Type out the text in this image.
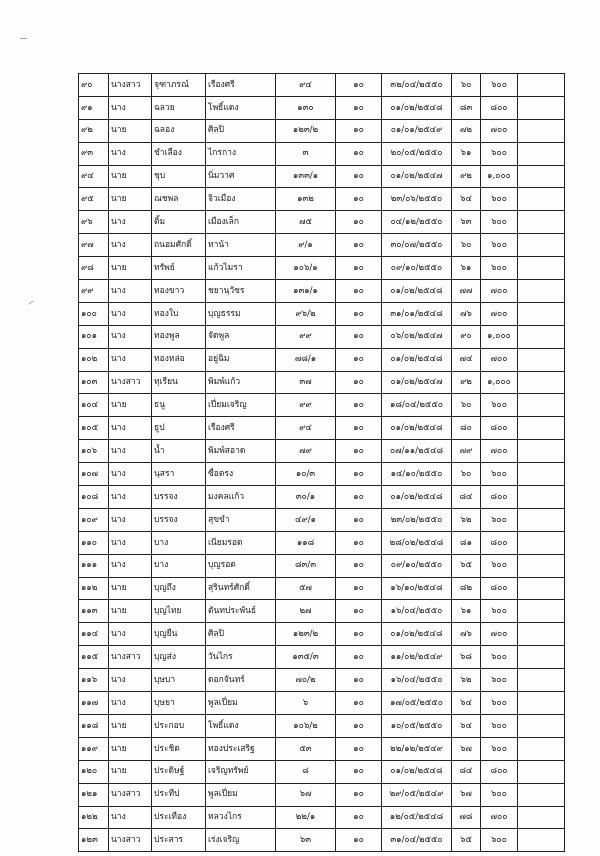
๙๐	นางสาว	จุฑาภรณ์	เรืองศรี	๙๔	๑๐	๓๒/๐๔/๒๕๕๐	๖๐	๖๐๐	
๙๑	นาง	ฉลวย	โพธิ์แดง	๑๓๐	๑๐	๐๑/๐๒/๒๕๔๘	๘๓	๘๐๐	
๙๒	นาย	ฉลอง	ศิลปิ	๑๒๓/๒	๑๐	๐๑/๐๑/๒๕๔๙	๗๒	๗๐๐	
๙๓	นาง	ชำเลือง	ไกรกาง	๓	๑๐	๒๐/๐๕/๒๕๕๐	๖๑	๖๐๐	
๙๔	นาย	ชุบ	นิ่มวาศ	๑๓๓/๑	๑๐	๐๑/๐๒/๒๕๔๗	๙๒	๑,๐๐๐	
๙๕	นาย	ณชพล	จิวเมือง	๑๓๒	๑๐	๒๓/๐๖/๒๕๕๐	๖๔	๖๐๐	
๙๖	นาง	ติ้ม	เมืองเล็ก	๗๕	๑๐	๐๔/๑๒/๒๕๕๐	๖๓	๖๐๐	
๙๗	นาง	ถนอมศักดิ์	ทาน้า	๙/๑	๑๐	๓๐/๐๗/๒๕๕๐	๖๐	๖๐๐	
๙๘	นาย	ทรัพย์	แก้วไมรา	๑๐๖/๑	๑๐	๐๙/๑๐/๒๕๕๐	๖๑	๖๐๐	
๙๙	นาง	ทองขาว	ชยานุวัชร	๑๓๑/๑	๑๐	๐๑/๐๒/๒๕๔๘	๗๗	๗๐๐	
๑๐๐	นาง	ทองใบ	บุญธรรม	๙๖/๒	๑๐	๓๑/๐๑/๒๕๔๘	๗๖	๗๐๐	
๑๐๑	นาง	ทองพูล	จัดพูล	๙๙	๑๐	๐๖/๐๒/๒๕๔๗	๙๐	๑,๐๐๐	
๑๐๒	นาง	ทองหล่อ	อยู่ฉิม	๗๘/๑	๑๐	๐๑/๐๒/๒๕๔๘	๗๔	๗๐๐	
๑๐๓	นางสาว	ทุเรียน	พิมพ์แก้ว	๓๗	๑๐	๐๑/๐๒/๒๕๔๗	๙๒	๑,๐๐๐	
๑๐๔	นาย	ธนู	เปี่ยมเจริญ	๙๙	๑๐	๑๘/๐๔/๒๕๕๐	๖๐	๖๐๐	
๑๐๕	นาง	ธูป	เรืองศรี	๙๔	๑๐	๐๑/๐๒/๒๕๔๘	๘๐	๘๐๐	
๑๐๖	นาง	น้ำ	พิมพ์สอาด	๗๙	๑๐	๐๗/๑๑/๒๕๔๘	๗๙	๗๐๐	
๑๐๗	นาง	นุสรา	ซื่อตรง	๑๐/๓	๑๐	๑๔/๑๐/๒๕๕๐	๖๐	๖๐๐	
๑๐๘	นาง	บรรจง	มงคลแก้ว	๓๐/๑	๑๐	๐๑/๐๒/๒๕๔๘	๘๔	๘๐๐	
๑๐๙	นาง	บรรจง	สุขขำ	๔๙/๑	๑๐	๒๓/๐๒/๒๕๕๐	๖๒	๖๐๐	
๑๑๐	นาง	บาง	เนียมรอด	๑๑๘	๑๐	๒๘/๐๒/๒๕๔๘	๘๑	๘๐๐	
๑๑๑	นาง	บาง	บุญรอด	๘๓/๓	๑๐	๐๙/๑๐/๒๕๕๐	๖๕	๖๐๐	
๑๑๒	นาย	บุญถึง	สุรินทร์ศักดิ์	๕๗	๑๐	๑๖/๑๐/๒๕๔๘	๘๒	๘๐๐	
๑๑๓	นาย	บุญไทย	ตันทประพันธ์	๒๗	๑๐	๑๖/๐๔/๒๕๕๐	๖๑	๖๐๐	
๑๑๔	นาง	บุญยืน	ศิลปิ	๑๒๓/๒	๑๐	๐๑/๐๒/๒๕๔๘	๗๖	๗๐๐	
๑๑๕	นางสาว	บุญส่ง	วันไกร	๑๓๕/๓	๑๐	๑๑/๐๒/๒๕๔๙	๖๘	๖๐๐	
๑๑๖	นาง	บุษบา	ดอกจันทร์	๗๐/๒	๑๐	๑๖/๐๔/๒๕๕๐	๖๒	๖๐๐	
๑๑๗	นาง	บุษยา	พูลเปี่ยม	๖	๑๐	๑๗/๐๕/๒๕๕๐	๖๔	๖๐๐	
๑๑๘	นาย	ประกอบ	โพธิ์แดง	๑๐๖/๒	๑๐	๑๐/๐๕/๒๕๕๐	๖๔	๖๐๐	
๑๑๙	นาย	ประชิด	ทองประเสริฐ	๕๓	๑๐	๒๒/๑๒/๒๕๔๙	๖๗	๖๐๐	
๑๒๐	นาย	ประดิษฐ์	เจริญทรัพย์	๘	๑๐	๐๑/๐๒/๒๕๔๘	๘๔	๘๐๐	
๑๒๑	นางสาว	ประทีป	พูลเปี่ยม	๖๗	๑๐	๒๙/๐๕/๒๕๔๙	๖๗	๖๐๐	
๑๒๒	นาง	ประเทือง	หลวงไกร	๒๒/๑	๑๐	๑๒/๐๕/๒๕๔๘	๗๘	๗๐๐	
๑๒๓	นางสาว	ประสาร	เร่งเจริญ	๖๓	๑๐	๓๑/๐๔/๒๕๕๐	๖๕	๖๐๐	
